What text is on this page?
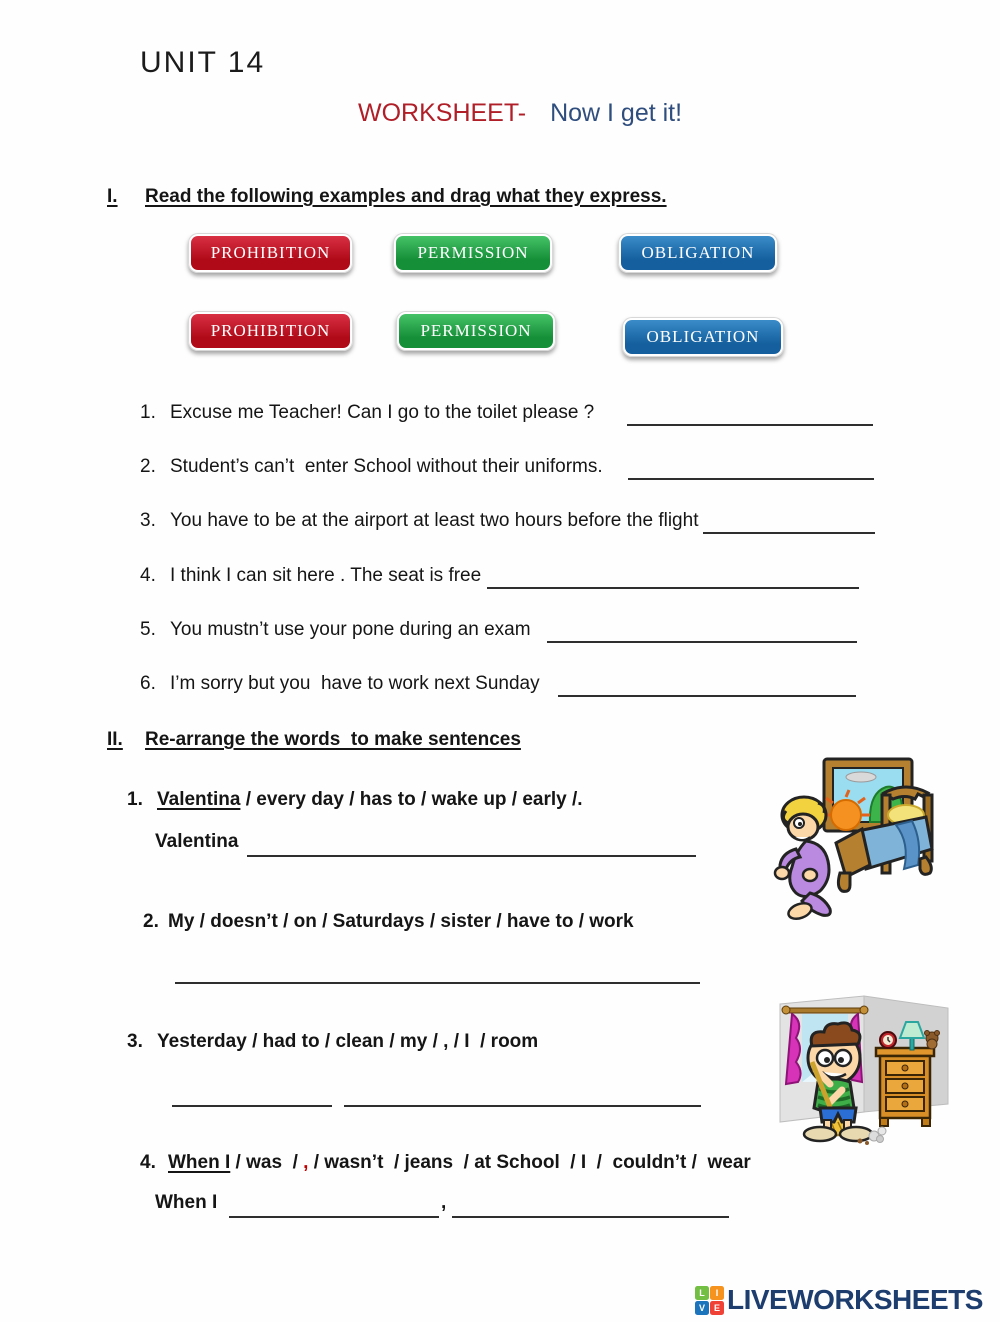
UNIT 14
WORKSHEET- Now I get it!
I. Read the following examples and drag what they express.
PROHIBITION	PERMISSION	OBLIGATION
PROHIBITION	PERMISSION	OBLIGATION
1. Excuse me Teacher! Can I go to the toilet please ?
2. Student’s can’t  enter School without their uniforms.
3. You have to be at the airport at least two hours before the flight
4. I think I can sit here . The seat is free
5. You mustn’t use your pone during an exam
6. I’m sorry but you  have to work next Sunday
II. Re-arrange the words  to make sentences
1. Valentina / every day / has to / wake up / early /.
Valentina
2. My / doesn’t / on / Saturdays / sister / have to / work
3. Yesterday / had to / clean / my / , / I  / room
4. When I / was  / , / wasn’t  / jeans  / at School  / I  /  couldn’t /  wear
When I	,
L	I
V E LIVEWORKSHEETS
